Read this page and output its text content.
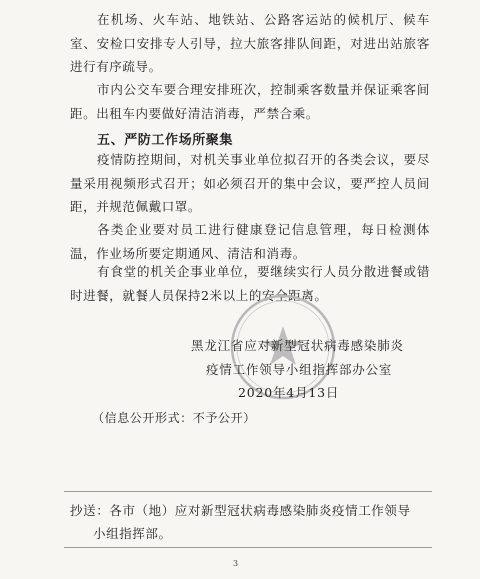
在机场、火车站、地铁站、公路客运站的候机厅、候车室、安检口安排专人引导，拉大旅客排队间距，对进出站旅客进行有序疏导。
市内公交车要合理安排班次，控制乘客数量并保证乘客间距。出租车内要做好清洁消毒，严禁合乘。
五、严防工作场所聚集
疫情防控期间，对机关事业单位拟召开的各类会议，要尽量采用视频形式召开；如必须召开的集中会议，要严控人员间距，并规范佩戴口罩。
各类企业要对员工进行健康登记信息管理，每日检测体温，作业场所要定期通风、清洁和消毒。
有食堂的机关企事业单位，要继续实行人员分散进餐或错时进餐，就餐人员保持2米以上的安全距离。
黑龙江省应对新型冠状病毒感染肺炎
疫情工作领导小组指挥部办公室
2020年4月13日
（信息公开形式：不予公开）
抄送：各市（地）应对新型冠状病毒感染肺炎疫情工作领导
小组指挥部。
3
